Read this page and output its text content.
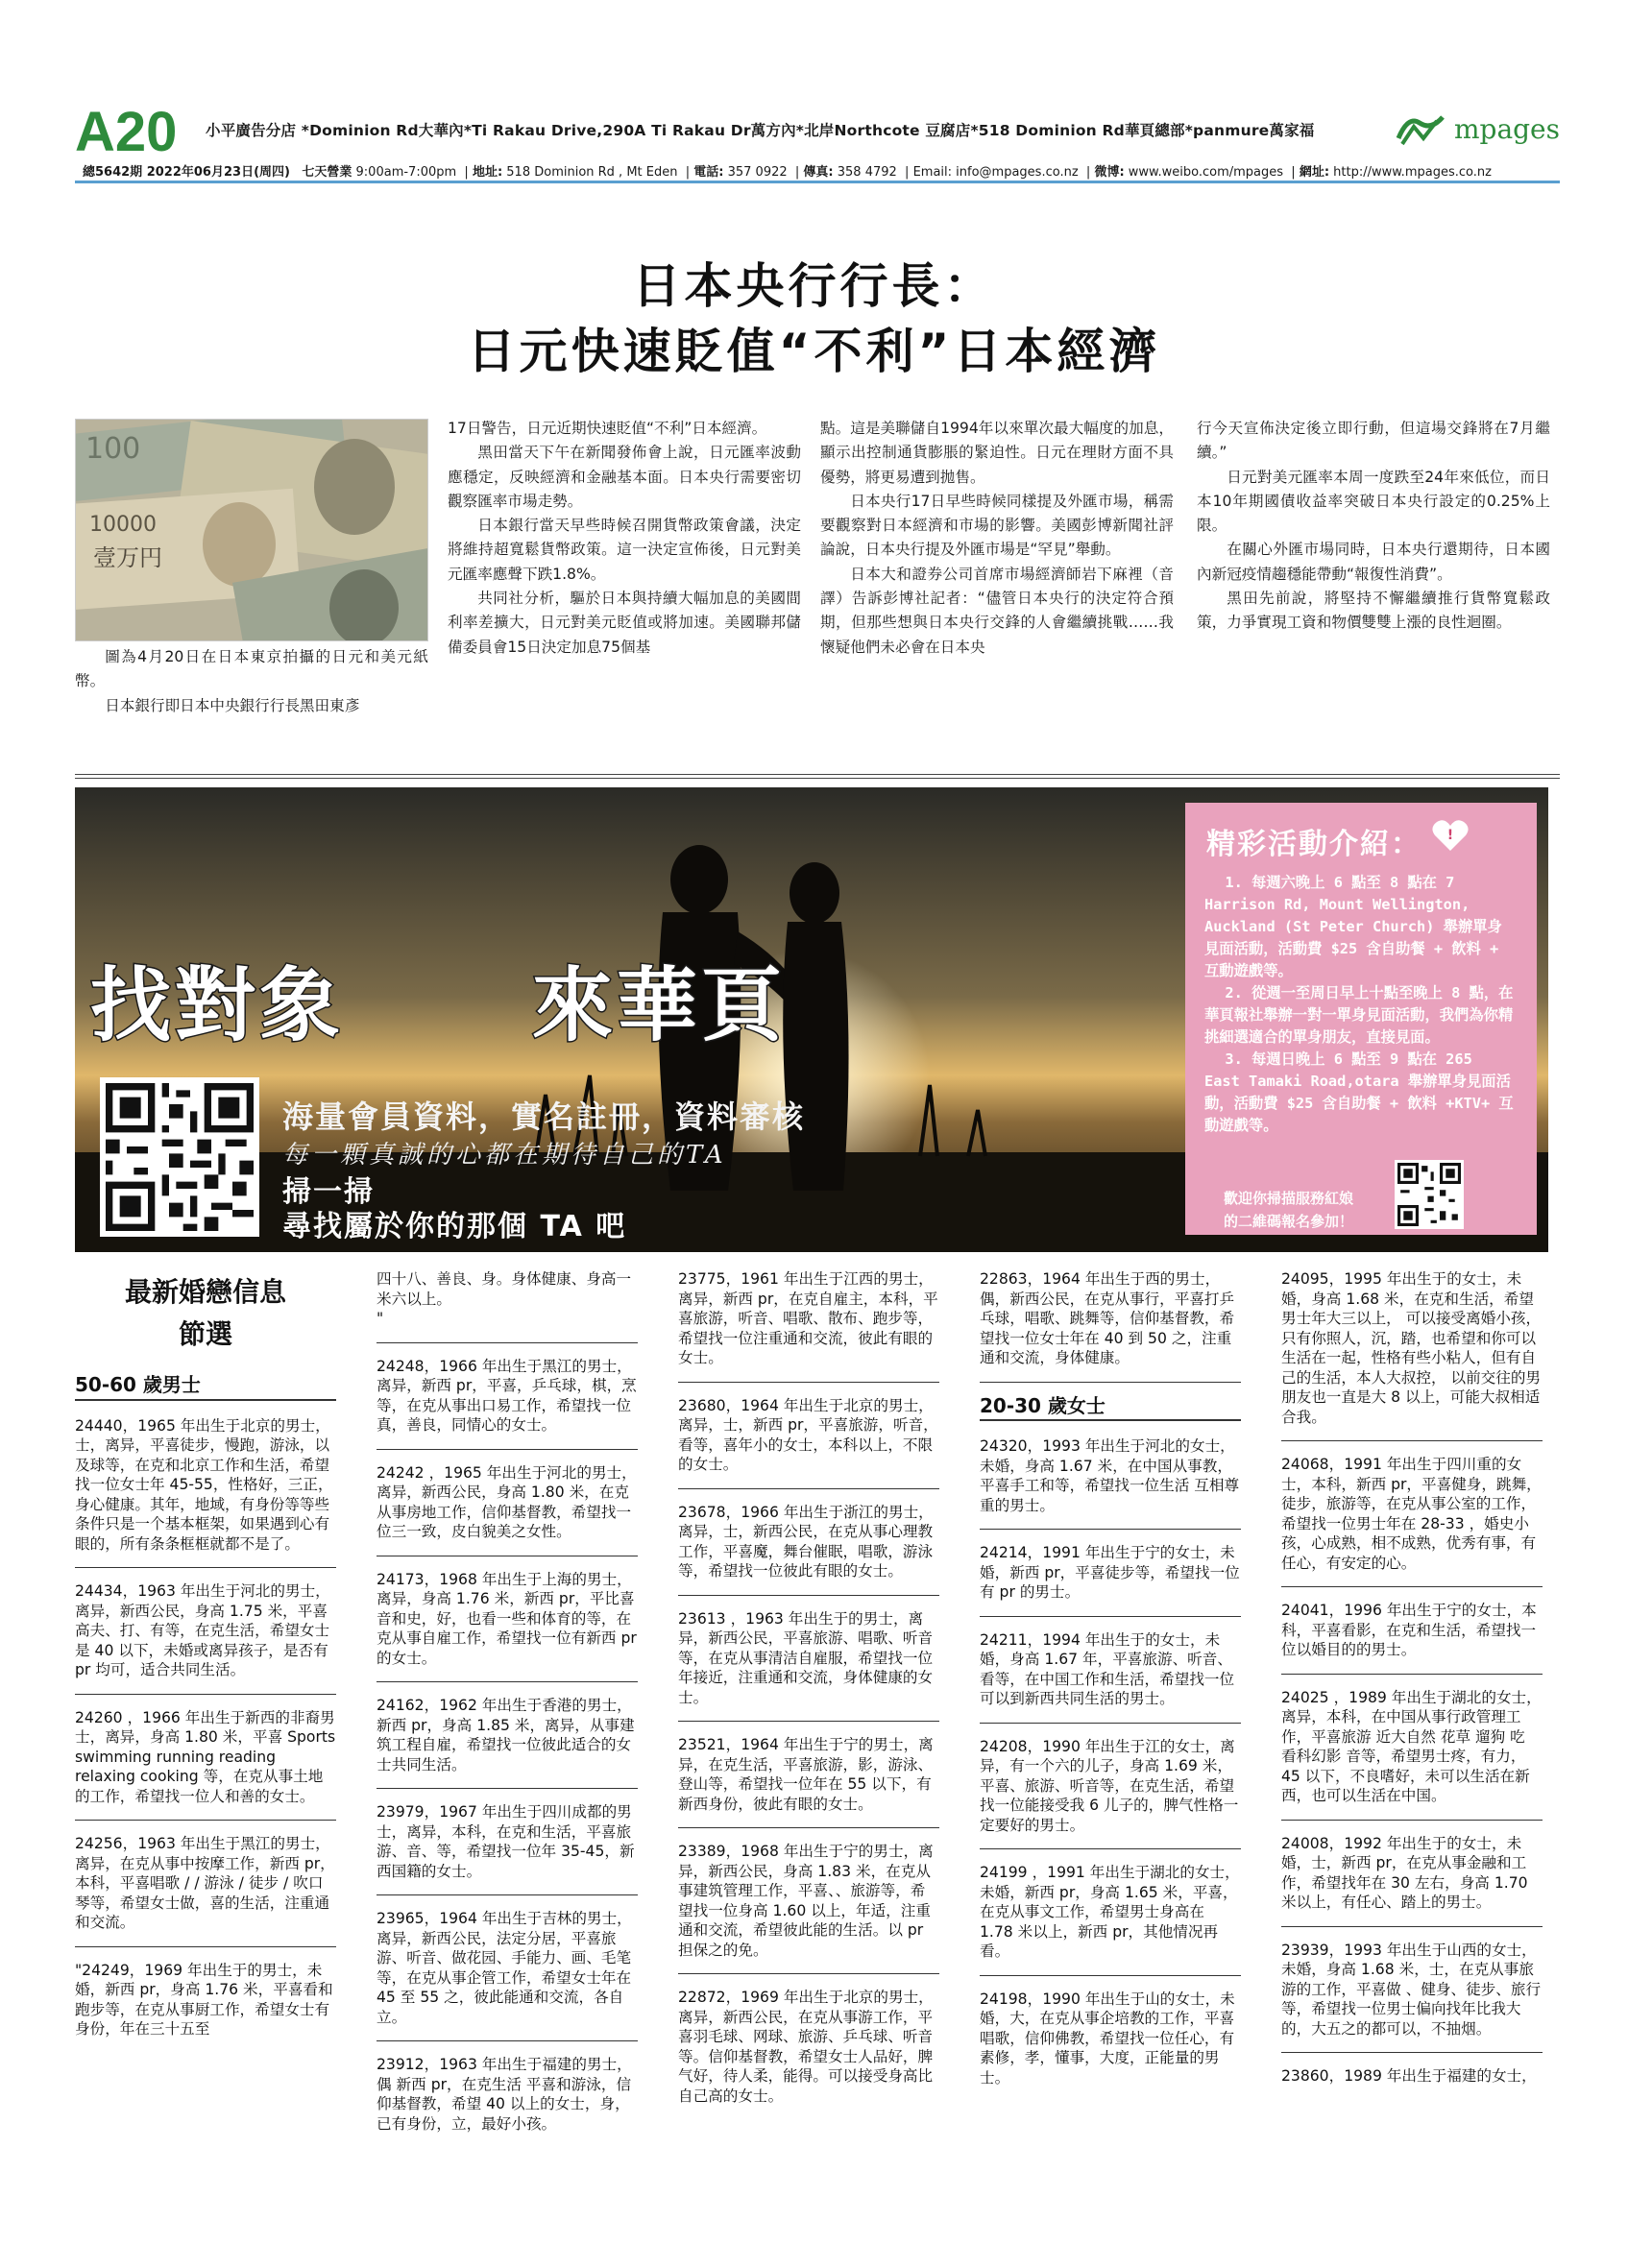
A20 小平廣告分店 *Dominion Rd大華內*Ti Rakau Drive,290A Ti Rakau Dr萬方內*北岸Northcote 豆腐店*518 Dominion Rd華頁總部*panmure萬家福	mpages
總5642期 2022年06月23日(周四) 七天營業 9:00am-7:00pm  | 地址: 518 Dominion Rd , Mt Eden  | 電話: 357 0922  | 傳真: 358 4792  | Email: info@mpages.co.nz  | 微博: www.weibo.com/mpages  | 網址: http://www.mpages.co.nz
日本央行行長：
日元快速貶值“不利”日本經濟
10000
壹万円
100

圖為4月20日在日本東京拍攝的日元和美元紙幣。

日本銀行即日本中央銀行行長黑田東彥

17日警告，日元近期快速貶值“不利”日本經濟。

黑田當天下午在新聞發佈會上說，日元匯率波動應穩定，反映經濟和金融基本面。日本央行需要密切觀察匯率市場走勢。

日本銀行當天早些時候召開貨幣政策會議，決定將維持超寬鬆貨幣政策。這一決定宣佈後，日元對美元匯率應聲下跌1.8%。

共同社分析，驅於日本與持續大幅加息的美國間利率差擴大，日元對美元貶值或將加速。美國聯邦儲備委員會15日決定加息75個基

點。這是美聯儲自1994年以來單次最大幅度的加息，顯示出控制通貨膨脹的緊迫性。日元在理財方面不具優勢，將更易遭到拋售。

日本央行17日早些時候同樣提及外匯市場，稱需要觀察對日本經濟和市場的影響。美國彭博新聞社評論說，日本央行提及外匯市場是“罕見”舉動。

日本大和證券公司首席市場經濟師岩下麻裡（音譯）告訴彭博社記者：“儘管日本央行的決定符合預期，但那些想與日本央行交鋒的人會繼續挑戰……我懷疑他們未必會在日本央

行今天宣佈決定後立即行動，但這場交鋒將在7月繼續。”

日元對美元匯率本周一度跌至24年來低位，而日本10年期國債收益率突破日本央行設定的0.25%上限。

在關心外匯市場同時，日本央行還期待，日本國內新冠疫情趨穩能帶動“報復性消費”。

黑田先前說，將堅持不懈繼續推行貨幣寬鬆政策，力爭實現工資和物價雙雙上漲的良性迴圈。

找對象 來華頁
海量會員資料，實名註冊，資料審核
每一顆真誠的心都在期待自己的TA
掃一掃
尋找屬於你的那個 TA 吧
精彩活動介紹： !

1. 每週六晚上 6 點至 8 點在 7 Harrison Rd, Mount Wellington, Auckland (St Peter Church) 舉辦單身見面活動，活動費 $25 含自助餐 + 飲料 + 互動遊戲等。

2. 從週一至周日早上十點至晚上 8 點，在華頁報社舉辦一對一單身見面活動，我們為你精挑細選適合的單身朋友，直接見面。

3. 每週日晚上 6 點至 9 點在 265 East Tamaki Road,otara 舉辦單身見面活動，活動費 $25 含自助餐 + 飲料 +KTV+ 互動遊戲等。

歡迎你掃描服務紅娘
的二維碼報名參加！
最新婚戀信息
節選
50-60 歲男士
24440，1965 年出生于北京的男士，士，离异，平喜徒步，慢跑，游泳，以及球等，在克和北京工作和生活，希望找一位女士年 45-55，性格好，三正，身心健康。其年，地域，有身份等等些条件只是一个基本框架，如果遇到心有眼的，所有条条框框就都不是了。
24434，1963 年出生于河北的男士，离异，新西公民，身高 1.75 米，平喜高夫、打、有等，在克生活，希望女士是 40 以下，未婚或离异孩子，是否有 pr 均可，适合共同生活。
24260 ，1966 年出生于新西的非裔男士，离异，身高 1.80 米，平喜 Sports swimming running reading relaxing cooking 等，在克从事土地的工作，希望找一位人和善的女士。
24256，1963 年出生于黑江的男士，离异，在克从事中按摩工作，新西 pr，本科，平喜唱歌 / / 游泳 / 徒步 / 吹口琴等，希望女士做，喜的生活，注重通和交流。
"24249，1969 年出生于的男士，未婚，新西 pr，身高 1.76 米，平喜看和跑步等，在克从事厨工作，希望女士有身份，年在三十五至
四十八、善良、身。身体健康、身高一米六以上。
"
24248，1966 年出生于黑江的男士，离异，新西 pr，平喜，乒乓球，棋，烹等，在克从事出口易工作，希望找一位真，善良，同情心的女士。
24242 ，1965 年出生于河北的男士，离异，新西公民，身高 1.80 米，在克从事房地工作，信仰基督教，希望找一位三一致，皮白貌美之女性。
24173，1968 年出生于上海的男士，离异，身高 1.76 米，新西 pr，平比喜音和史，好，也看一些和体育的等，在克从事自雇工作，希望找一位有新西 pr 的女士。
24162，1962 年出生于香港的男士，新西 pr，身高 1.85 米，离异，从事建筑工程自雇，希望找一位彼此适合的女士共同生活。
23979，1967 年出生于四川成都的男士，离异，本科，在克和生活，平喜旅游、音、等，希望找一位年 35-45，新西国籍的女士。
23965，1964 年出生于吉林的男士，离异，新西公民，法定分居，平喜旅游、听音、做花园、手能力、画、毛笔等，在克从事企管工作，希望女士年在 45 至 55 之，彼此能通和交流，各自立。
23912，1963 年出生于福建的男士，偶 新西 pr，在克生活 平喜和游泳，信仰基督教，希望 40 以上的女士，身，已有身份，立，最好小孩。
23775，1961 年出生于江西的男士，离异，新西 pr，在克自雇主，本科，平喜旅游，听音、唱歌、散布、跑步等，希望找一位注重通和交流，彼此有眼的女士。
23680，1964 年出生于北京的男士，离异，士，新西 pr，平喜旅游，听音，看等，喜年小的女士，本科以上，不限的女士。
23678，1966 年出生于浙江的男士，离异，士，新西公民，在克从事心理教工作，平喜魔，舞台催眠，唱歌，游泳等，希望找一位彼此有眼的女士。
23613 ，1963 年出生于的男士，离异，新西公民，平喜旅游、唱歌、听音等，在克从事清洁自雇服，希望找一位年接近，注重通和交流，身体健康的女士。
23521，1964 年出生于宁的男士，离异，在克生活，平喜旅游，影，游泳、登山等，希望找一位年在 55 以下，有新西身份，彼此有眼的女士。
23389，1968 年出生于宁的男士，离异，新西公民，身高 1.83 米，在克从事建筑管理工作，平喜、、旅游等，希望找一位身高 1.60 以上，年适，注重通和交流，希望彼此能的生活。以 pr 担保之的免。
22872，1969 年出生于北京的男士，离异，新西公民，在克从事游工作，平喜羽毛球、网球、旅游、乒乓球、听音等。信仰基督教，希望女士人品好，脾气好，待人柔，能得。可以接受身高比自己高的女士。
22863，1964 年出生于西的男士，偶，新西公民，在克从事行，平喜打乒乓球，唱歌、跳舞等，信仰基督教，希望找一位女士年在 40 到 50 之，注重通和交流，身体健康。
20-30 歲女士
24320，1993 年出生于河北的女士，未婚，身高 1.67 米，在中国从事教，平喜手工和等，希望找一位生活 互相尊重的男士。
24214，1991 年出生于宁的女士，未婚，新西 pr，平喜徒步等，希望找一位有 pr 的男士。
24211，1994 年出生于的女士，未婚，身高 1.67 年，平喜旅游、听音、看等，在中国工作和生活，希望找一位可以到新西共同生活的男士。
24208，1990 年出生于江的女士，离异，有一个六的儿子，身高 1.69 米，平喜、旅游、听音等，在克生活，希望找一位能接受我 6 儿子的，脾气性格一定要好的男士。
24199 ，1991 年出生于湖北的女士，未婚，新西 pr，身高 1.65 米，平喜，在克从事文工作，希望男士身高在 1.78 米以上，新西 pr，其他情况再看。
24198，1990 年出生于山的女士，未婚，大，在克从事企培教的工作，平喜唱歌，信仰佛教，希望找一位任心，有素修，孝，懂事，大度，正能量的男士。
24095，1995 年出生于的女士，未婚，身高 1.68 米，在克和生活，希望男士年大三以上， 可以接受离婚小孩，只有你照人，沉，踏，也希望和你可以生活在一起，性格有些小粘人，但有自己的生活，本人大叔控， 以前交往的男朋友也一直是大 8 以上，可能大叔相适合我。
24068，1991 年出生于四川重的女士，本科，新西 pr，平喜健身，跳舞，徒步，旅游等，在克从事公室的工作，希望找一位男士年在 28-33 ，婚史小孩，心成熟，相不成熟，优秀有事，有任心，有安定的心。
24041，1996 年出生于宁的女士，本科，平喜看影，在克和生活，希望找一位以婚目的的男士。
24025 ，1989 年出生于湖北的女士，离异，本科，在中国从事行政管理工作，平喜旅游 近大自然 花草 遛狗 吃 看科幻影 音等，希望男士疼，有力，45 以下，不良嗜好，未可以生活在新西，也可以生活在中国。
24008，1992 年出生于的女士，未婚，士，新西 pr，在克从事金融和工作，希望找年在 30 左右，身高 1.70 米以上，有任心、踏上的男士。
23939，1993 年出生于山西的女士，未婚，身高 1.68 米，士，在克从事旅游的工作，平喜做 、健身、徒步、旅行等，希望找一位男士偏向找年比我大的，大五之的都可以，不抽烟。
23860，1989 年出生于福建的女士，
